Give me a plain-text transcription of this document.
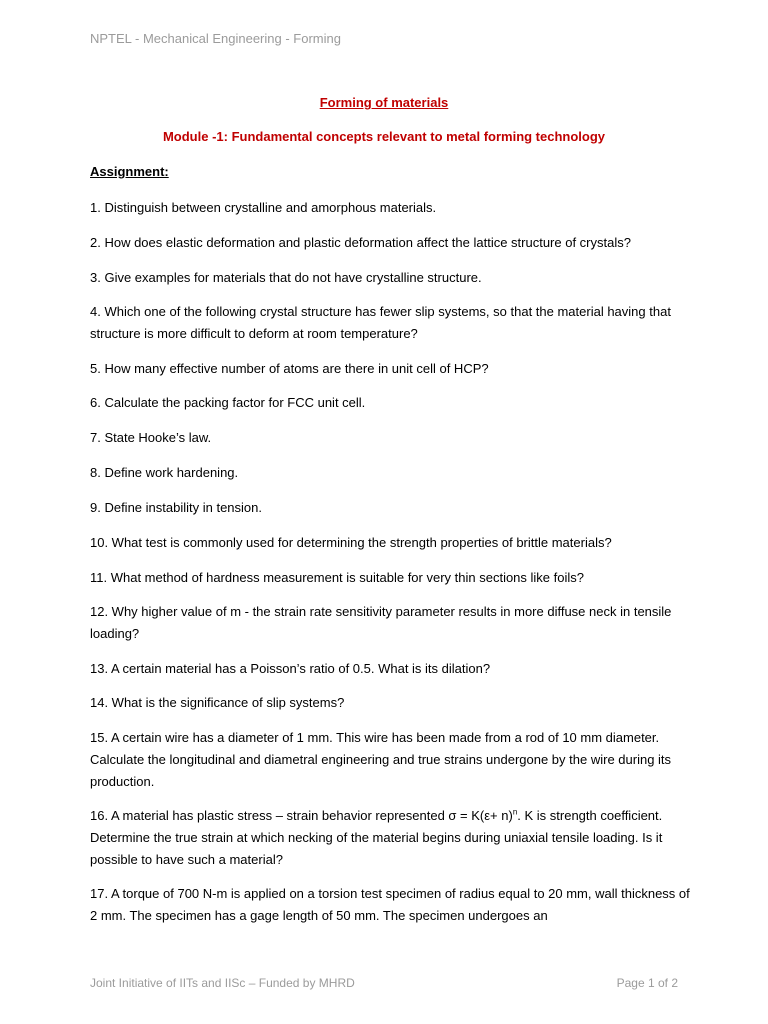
NPTEL - Mechanical Engineering - Forming
Forming of materials
Module -1: Fundamental concepts relevant to metal forming technology
Assignment:
1. Distinguish between crystalline and amorphous materials.
2. How does elastic deformation and plastic deformation affect the lattice structure of crystals?
3. Give examples for materials that do not have crystalline structure.
4. Which one of the following crystal structure has fewer slip systems, so that the material having that structure is more difficult to deform at room temperature?
5. How many effective number of atoms are there in unit cell of HCP?
6. Calculate the packing factor for FCC unit cell.
7. State Hooke’s law.
8. Define work hardening.
9. Define instability in tension.
10. What test is commonly used for determining the strength properties of brittle materials?
11. What method of hardness measurement is suitable for very thin sections like foils?
12. Why higher value of m - the strain rate sensitivity parameter results in more diffuse neck in tensile loading?
13. A certain material has a Poisson’s ratio of 0.5. What is its dilation?
14. What is the significance of slip systems?
15. A certain wire has a diameter of 1 mm. This wire has been made from a rod of 10 mm diameter. Calculate the longitudinal and diametral engineering and true strains undergone by the wire during its production.
16. A material has plastic stress – strain behavior represented $\sigma = K(\varepsilon+ n)^n$. K is strength coefficient. Determine the true strain at which necking of the material begins during uniaxial tensile loading. Is it possible to have such a material?
17. A torque of 700 N-m is applied on a torsion test specimen of radius equal to 20 mm, wall thickness of 2 mm. The specimen has a gage length of 50 mm. The specimen undergoes an
Joint Initiative of IITs and IISc – Funded by MHRD	Page 1 of 2
